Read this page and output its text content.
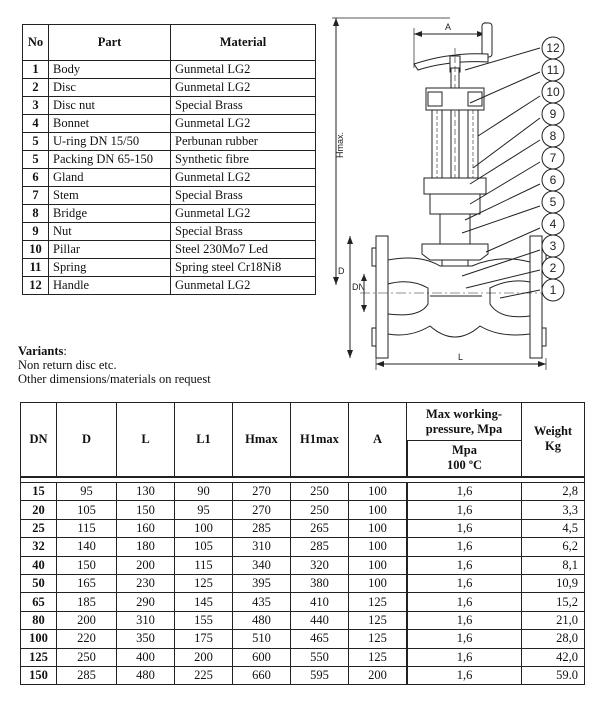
No	Part	Material
1	Body	Gunmetal LG2
2	Disc	Gunmetal LG2
3	Disc nut	Special Brass
4	Bonnet	Gunmetal LG2
5	U-ring DN 15/50	Perbunan rubber
5	Packing DN 65-150	Synthetic fibre
6	Gland	Gunmetal LG2
7	Stem	Special Brass
8	Bridge	Gunmetal LG2
9	Nut	Special Brass
10	Pillar	Steel 230Mo7 Led
11	Spring	Spring steel Cr18Ni8
12	Handle	Gunmetal LG2
A
Hmax.
D
DN
L
12
11
10
9
8
7
6
5
4
3
2
1
Variants:
Non return disc etc.
Other dimensions/materials on request
DN	D	L	L1	Hmax	H1max	A	Max working-pressure, Mpa	Weight Kg

							Mpa
100 ºC	

15	95	130	90	270	250	100		1,6	2,8
20	105	150	95	270	250	100		1,6	3,3
25	115	160	100	285	265	100		1,6	4,5
32	140	180	105	310	285	100		1,6	6,2
40	150	200	115	340	320	100		1,6	8,1
50	165	230	125	395	380	100		1,6	10,9
65	185	290	145	435	410	125		1,6	15,2
80	200	310	155	480	440	125		1,6	21,0
100	220	350	175	510	465	125		1,6	28,0
125	250	400	200	600	550	125		1,6	42,0
150	285	480	225	660	595	200		1,6	59.0
